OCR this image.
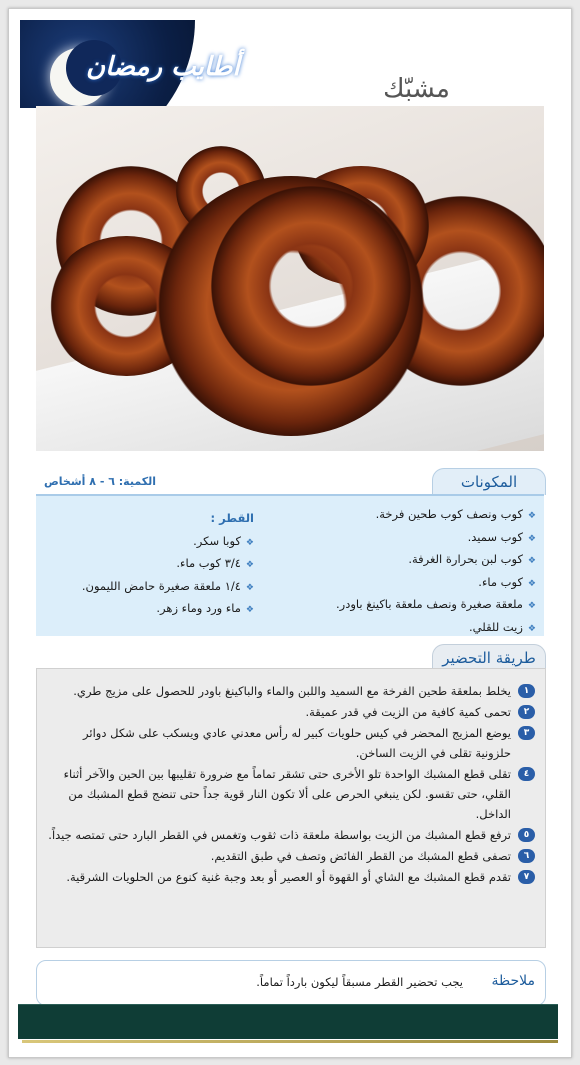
أطايب رمضان
مشبّك
المكونات
الكمية: ٦ - ٨ أشخاص
❖ كوب ونصف كوب طحين فرخة.
❖ كوب سميد.
❖ كوب لبن بحرارة الغرفة.
❖ كوب ماء.
❖ ملعقة صغيرة ونصف ملعقة باكينغ باودر.
❖ زيت للقلي.
القطر :
❖ كوبا سكر.
❖ ٣/٤ كوب ماء.
❖ ١/٤ ملعقة صغيرة حامض الليمون.
❖ ماء ورد وماء زهر.
طريقة التحضير
١
يخلط بملعقة طحين الفرخة مع السميد واللبن والماء والباكينغ باودر للحصول على مزيج طري.
٢
تحمى كمية كافية من الزيت في قدر عميقة.
٣
يوضع المزيج المحضر في كيس حلويات كبير له رأس معدني عادي ويسكب على شكل دوائر حلزونية تقلى في الزيت الساخن.
٤
تقلى قطع المشبك الواحدة تلو الأخرى حتى تشقر تماماً مع ضرورة تقليبها بين الحين والآخر أثناء القلي، حتى تقسو. لكن ينبغي الحرص على ألا تكون النار قوية جداً حتى تنضج قطع المشبك من الداخل.
٥
ترفع قطع المشبك من الزيت بواسطة ملعقة ذات ثقوب وتغمس في القطر البارد حتى تمتصه جيداً.
٦
تصفى قطع المشبك من القطر الفائض وتصف في طبق التقديم.
٧
تقدم قطع المشبك مع الشاي أو القهوة أو العصير أو بعد وجبة غنية كنوع من الحلويات الشرقية.
ملاحظة
يجب تحضير القطر مسبقاً ليكون بارداً تماماً.
